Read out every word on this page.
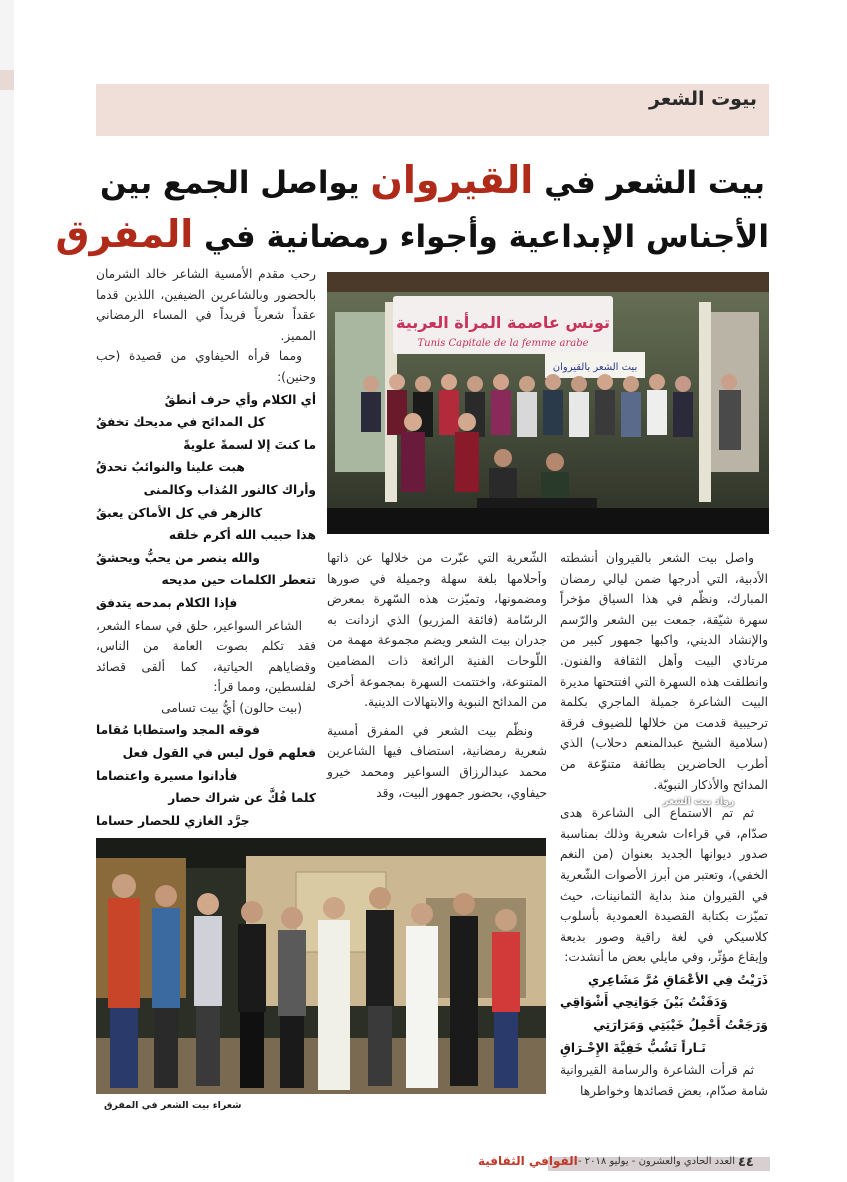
بيوت الشعر
بيت الشعر في القيروان يواصل الجمع بين
الأجناس الإبداعية وأجواء رمضانية في المفرق
تونس عاصمة المرأة العربية
Tunis Capitale de la femme arabe
بيت الشعر بالقيروان
رواد بيت الشعر
شعراء بيت الشعر في المفرق

واصل بيت الشعر بالقيروان أنشطته الأدبية، التي أدرجها ضمن ليالي رمضان المبارك، ونظّم في هذا السياق مؤخراً سهرة شيّقة، جمعت بين الشعر والرّسم والإنشاد الديني، واكبها جمهور كبير من مرتادي البيت وأهل الثقافة والفنون. وانطلقت هذه السهرة التي افتتحتها مديرة البيت الشاعرة جميلة الماجري بكلمة ترحيبية قدمت من خلالها للضيوف فرقة (سلامية الشيخ عبدالمنعم دحلاب) الذي أطرب الحاضرين بطائفة متنوّعة من المدائح والأذكار النبويّة.

ثم تم الاستماع الى الشاعرة هدى صدّام، في قراءات شعرية وذلك بمناسبة صدور ديوانها الجديد بعنوان (من النغم الخفي)، وتعتبر من أبرز الأصوات الشّعرية في القيروان منذ بداية الثمانينات، حيث تميّزت بكتابة القصيدة العمودية بأسلوب كلاسيكي في لغة راقية وصور بديعة وإيقاع مؤثّر، وفي مايلي بعض ما أنشدت:

ذَرَيْتُ فِي الأعْمَاقِ مُرَّ مَشَاعِري

وَدَفَنْتُ بَيْنَ جَوَانِحِي أَشْوَاقِي

وَرَجَعْتُ أَحْمِلُ خَيْبَتِي وَمَرَارَتِي

نَـاراً تَشُبُّ خَفِيَّةَ الإِحْـرَاقِ

ثم قرأت الشاعرة والرسامة القيروانية شامة صدّام، بعض قصائدها وخواطرها

الشّعرية التي عبّرت من خلالها عن ذاتها وأحلامها بلغة سهلة وجميلة في صورها ومضمونها، وتميّزت هذه السّهرة بمعرض الرسّامة (فائقة المزريو) الذي ازدانت به جدران بيت الشعر ويضم مجموعة مهمة من اللّوحات الفنية الرائعة ذات المضامين المتنوعة، واختتمت السهرة بمجموعة أخرى من المدائح النبوية والابتهالات الدينية.

ونظّم بيت الشعر في المفرق أمسية شعرية رمضانية، استضاف فيها الشاعرين محمد عبدالرزاق السواعير ومحمد خيرو حيفاوي، بحضور جمهور البيت، وقد

رحب مقدم الأمسية الشاعر خالد الشرمان بالحضور وبالشاعرين الضيفين، اللذين قدما عقداً شعرياً فريداً في المساء الرمضاني المميز.

ومما قرأه الحيفاوي من قصيدة (حب وحنين):

أي الكلام وأي حرف أنطقُ

كل المدائح في مديحك تخفقُ

ما كنتَ إلا لسمةً علويةً

هبت علينا والنوائبُ تحدقُ

وأراك كالنور المُذاب وكالمنى

كالزهر في كل الأماكن يعبقُ

هذا حبيب الله أكرم خلقه

والله ينصر من يحبُّ ويحشقُ

تتعطر الكلمات حين مديحه

فإذا الكلام بمدحه يتدفق

الشاعر السواعير، حلق في سماء الشعر، فقد تكلم بصوت العامة من الناس، وقضاياهم الحياتية، كما ألقى قصائد لفلسطين، ومما قرأ:

(بيت حالون) أيُّ بيت تسامى

فوقه المجد واستطابا مُقاما

فعلهم قول ليس في القول فعل

فأدانوا مسيرة واعتصاما

كلما فُكَّ عن شراك حصار

جرَّد الغازي للحصار حساما

٤٤
العدد الحادي والعشرون - يوليو ٢٠١٨ -
القوافي الثقافية
